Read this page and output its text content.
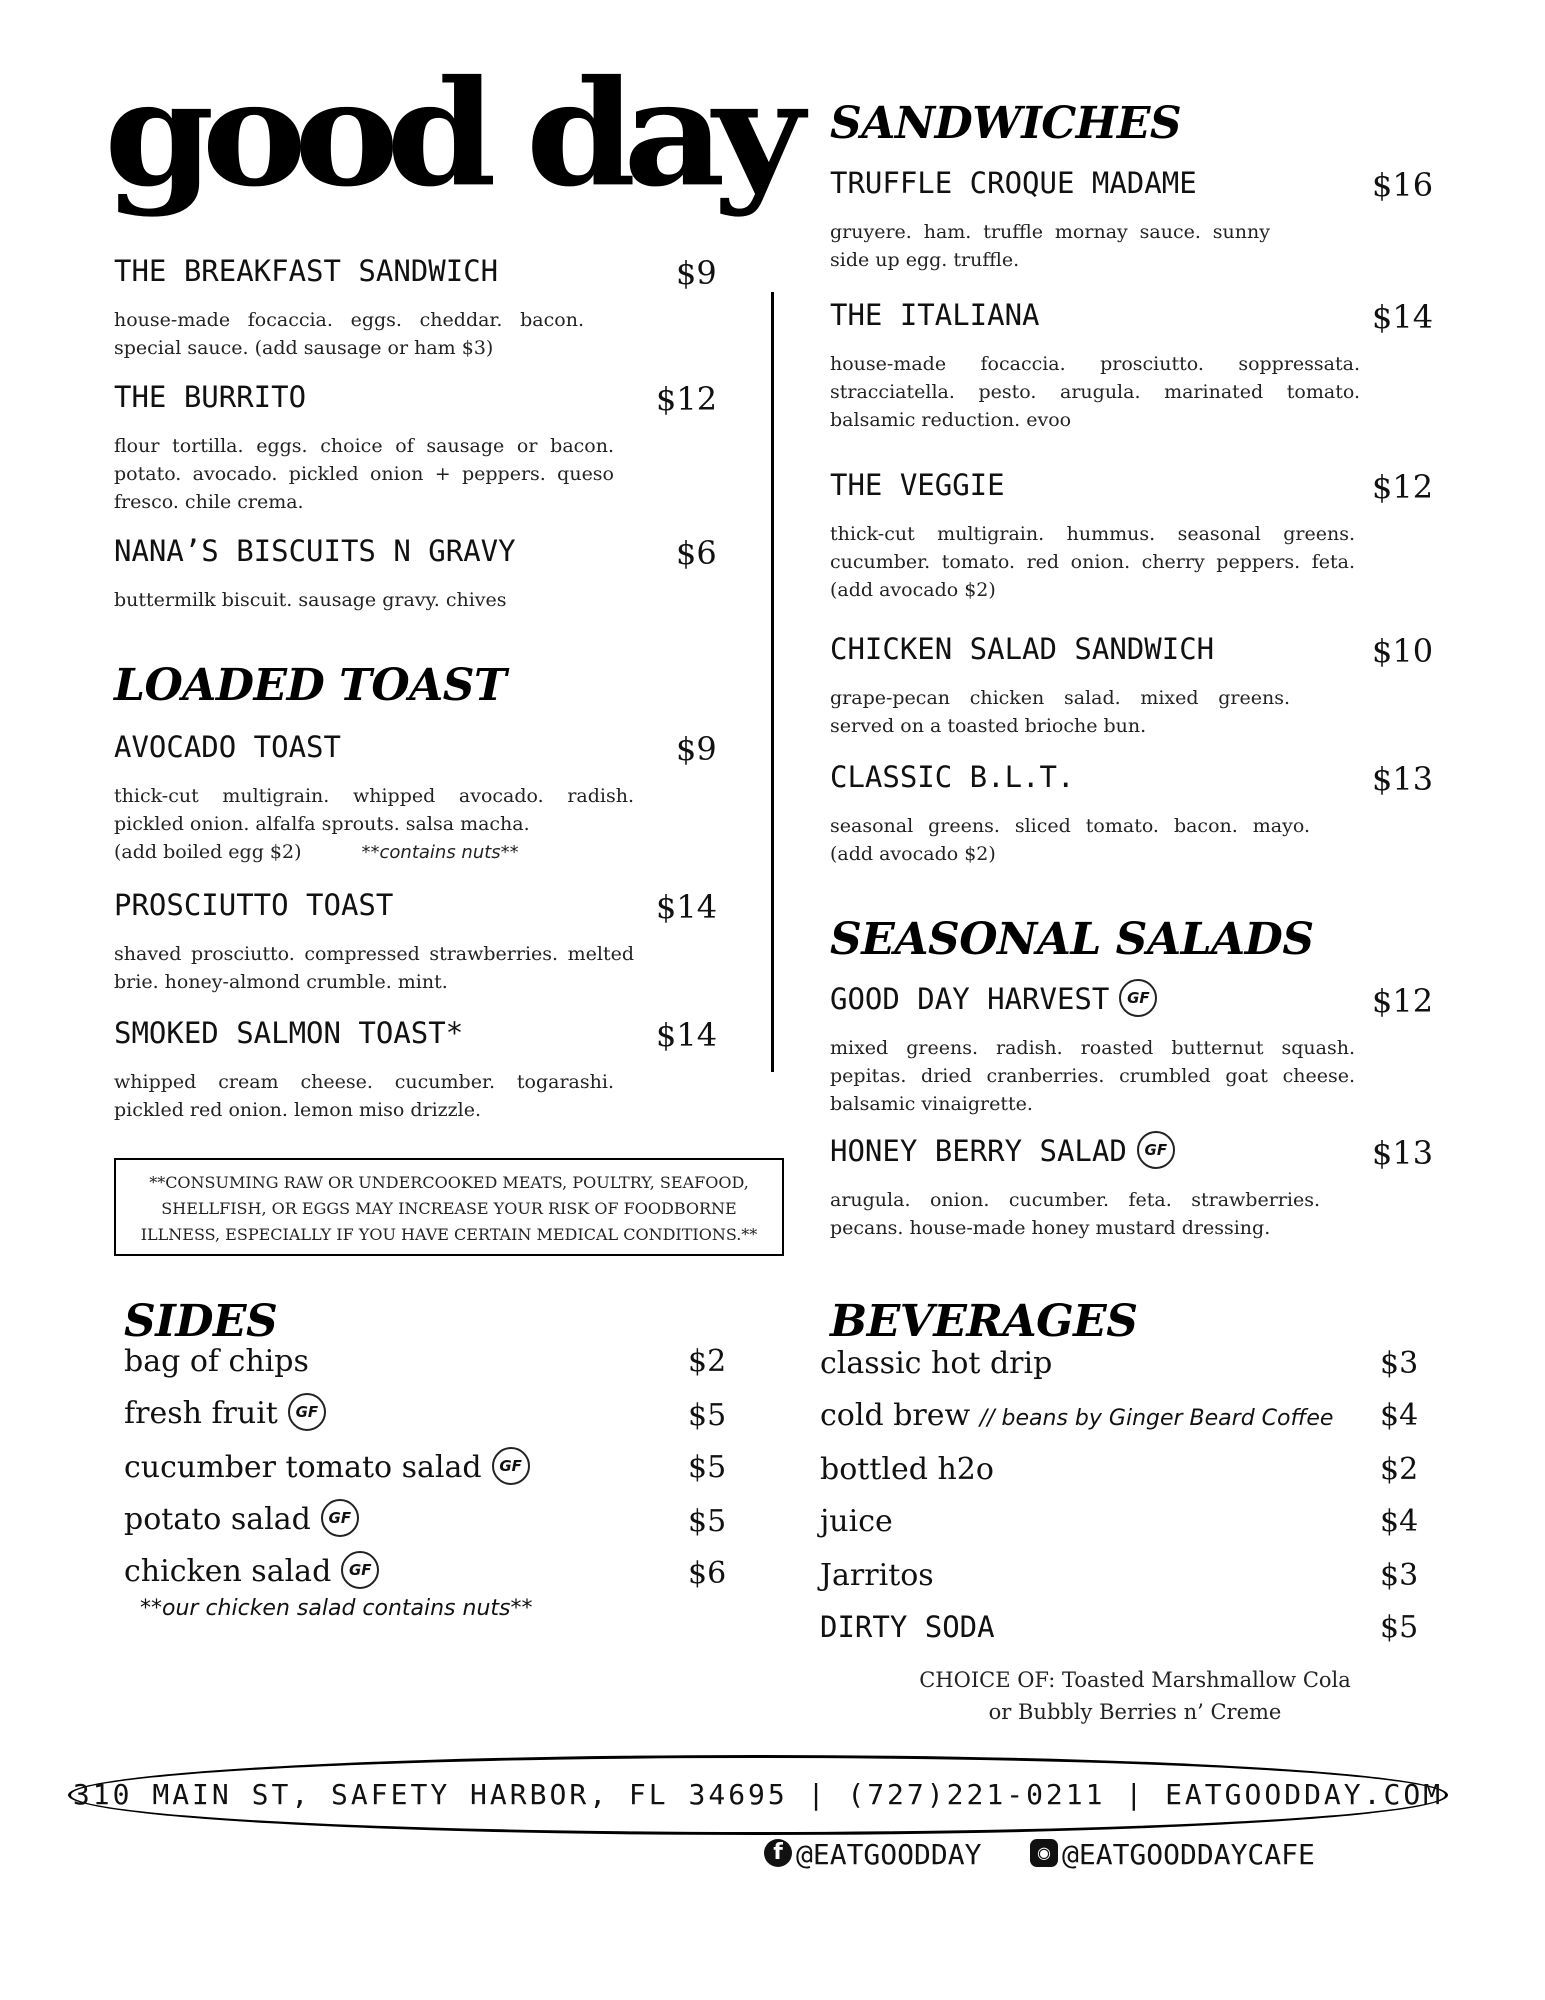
good day
THE BREAKFAST SANDWICH	$9
house-made focaccia. eggs. cheddar. bacon. special sauce. (add sausage or ham $3)
THE BURRITO	$12
flour tortilla. eggs. choice of sausage or bacon. potato. avocado. pickled onion + peppers. queso fresco. chile crema.
NANA’S BISCUITS N GRAVY	$6
buttermilk biscuit. sausage gravy. chives
LOADED TOAST
AVOCADO TOAST	$9
thick-cut multigrain. whipped avocado. radish. pickled onion. alfalfa sprouts. salsa macha.
(add boiled egg $2)	**contains nuts**
PROSCIUTTO TOAST	$14
shaved prosciutto. compressed strawberries. melted brie. honey-almond crumble. mint.
SMOKED SALMON TOAST*	$14
whipped cream cheese. cucumber. togarashi. pickled red onion. lemon miso drizzle.
**CONSUMING RAW OR UNDERCOOKED MEATS, POULTRY, SEAFOOD, SHELLFISH, OR EGGS MAY INCREASE YOUR RISK OF FOODBORNE ILLNESS, ESPECIALLY IF YOU HAVE CERTAIN MEDICAL CONDITIONS.**
SANDWICHES
TRUFFLE CROQUE MADAME	$16
gruyere. ham. truffle mornay sauce. sunny side up egg. truffle.
THE ITALIANA	$14
house-made focaccia. prosciutto. soppressata. stracciatella. pesto. arugula. marinated tomato. balsamic reduction. evoo
THE VEGGIE	$12
thick-cut multigrain. hummus. seasonal greens. cucumber. tomato. red onion. cherry peppers. feta. (add avocado $2)
CHICKEN SALAD SANDWICH	$10
grape-pecan chicken salad. mixed greens. served on a toasted brioche bun.
CLASSIC B.L.T.	$13
seasonal greens. sliced tomato. bacon. mayo. (add avocado $2)
SEASONAL SALADS
GOOD DAY HARVEST GF	$12
mixed greens. radish. roasted butternut squash. pepitas. dried cranberries. crumbled goat cheese. balsamic vinaigrette.
HONEY BERRY SALAD GF	$13
arugula. onion. cucumber. feta. strawberries. pecans. house-made honey mustard dressing.
SIDES
bag of chips	$2
fresh fruit GF	$5
cucumber tomato salad GF	$5
potato salad GF	$5
chicken salad GF	$6
**our chicken salad contains nuts**
BEVERAGES
classic hot drip	$3
cold brew // beans by Ginger Beard Coffee $4
bottled h2o	$2
juice	$4
Jarritos	$3
DIRTY SODA	$5
CHOICE OF: Toasted Marshmallow Cola
or Bubbly Berries n’ Creme
310 MAIN ST, SAFETY HARBOR, FL 34695 | (727)221-0211 | EATGOODDAY.COM
f @EATGOODDAY	◉ @EATGOODDAYCAFE
